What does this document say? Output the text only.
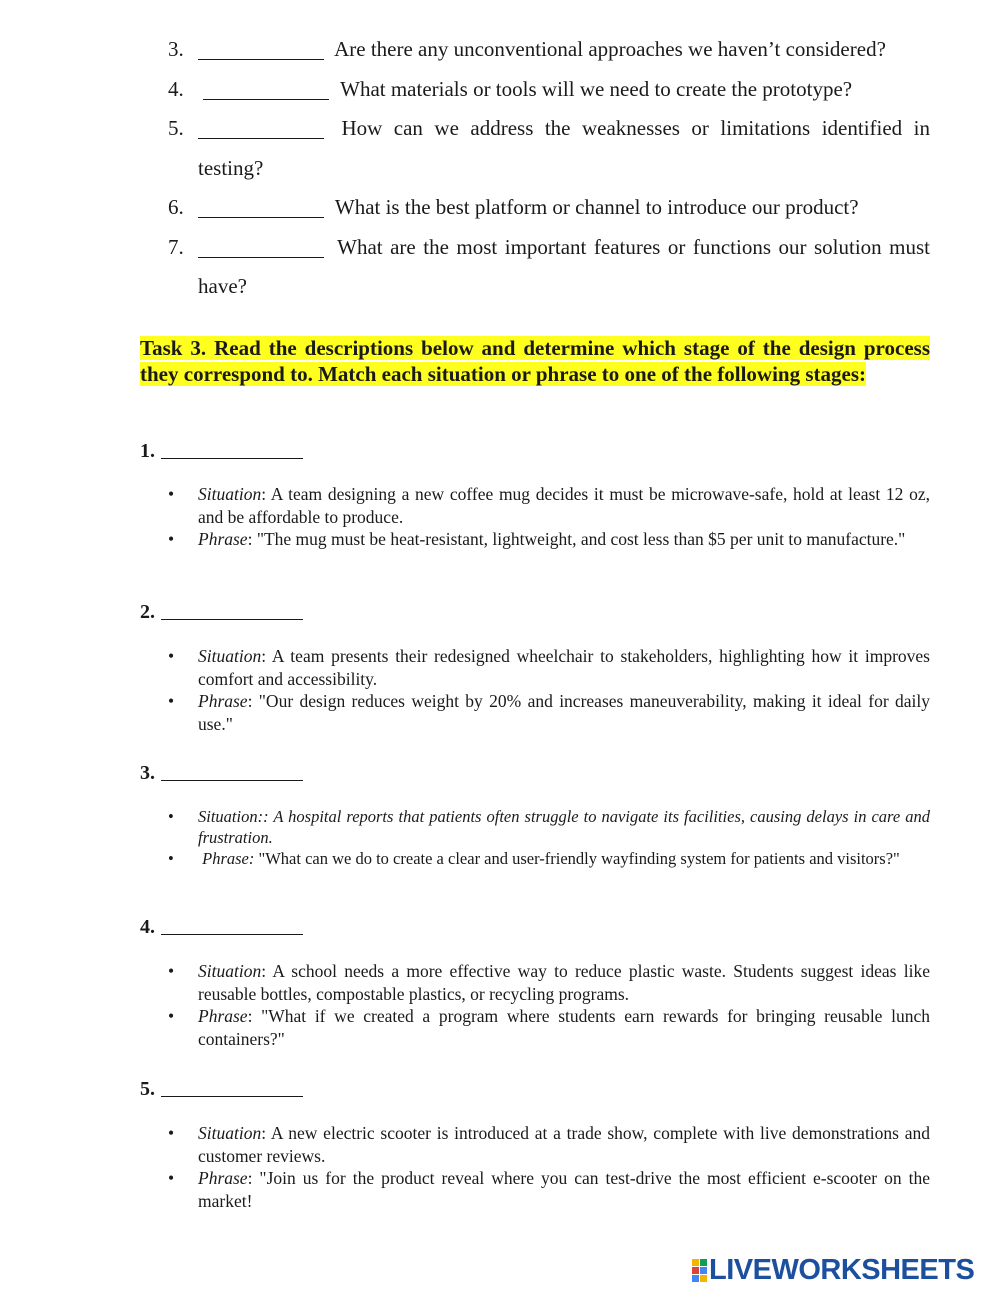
3.	Are there any unconventional approaches we haven’t considered?
4.	What materials or tools will we need to create the prototype?
5.	How can we address the weaknesses or limitations identified in testing?
6.	What is the best platform or channel to introduce our product?
7.	What are the most important features or functions our solution must have?
Task 3. Read the descriptions below and determine which stage of the design process they correspond to. Match each situation or phrase to one of the following stages:
1.
• Situation: A team designing a new coffee mug decides it must be microwave-safe, hold at least 12 oz, and be affordable to produce.
• Phrase: "The mug must be heat-resistant, lightweight, and cost less than $5 per unit to manufacture."
2.
• Situation: A team presents their redesigned wheelchair to stakeholders, highlighting how it improves comfort and accessibility.
• Phrase: "Our design reduces weight by 20% and increases maneuverability, making it ideal for daily use."
3.
• Situation:: A hospital reports that patients often struggle to navigate its facilities, causing delays in care and frustration.
• Phrase: "What can we do to create a clear and user-friendly wayfinding system for patients and visitors?"
4.
• Situation: A school needs a more effective way to reduce plastic waste. Students suggest ideas like reusable bottles, compostable plastics, or recycling programs.
• Phrase: "What if we created a program where students earn rewards for bringing reusable lunch containers?"
5.
• Situation: A new electric scooter is introduced at a trade show, complete with live demonstrations and customer reviews.
• Phrase: "Join us for the product reveal where you can test-drive the most efficient e-scooter on the market!
LIVEWORKSHEETS
